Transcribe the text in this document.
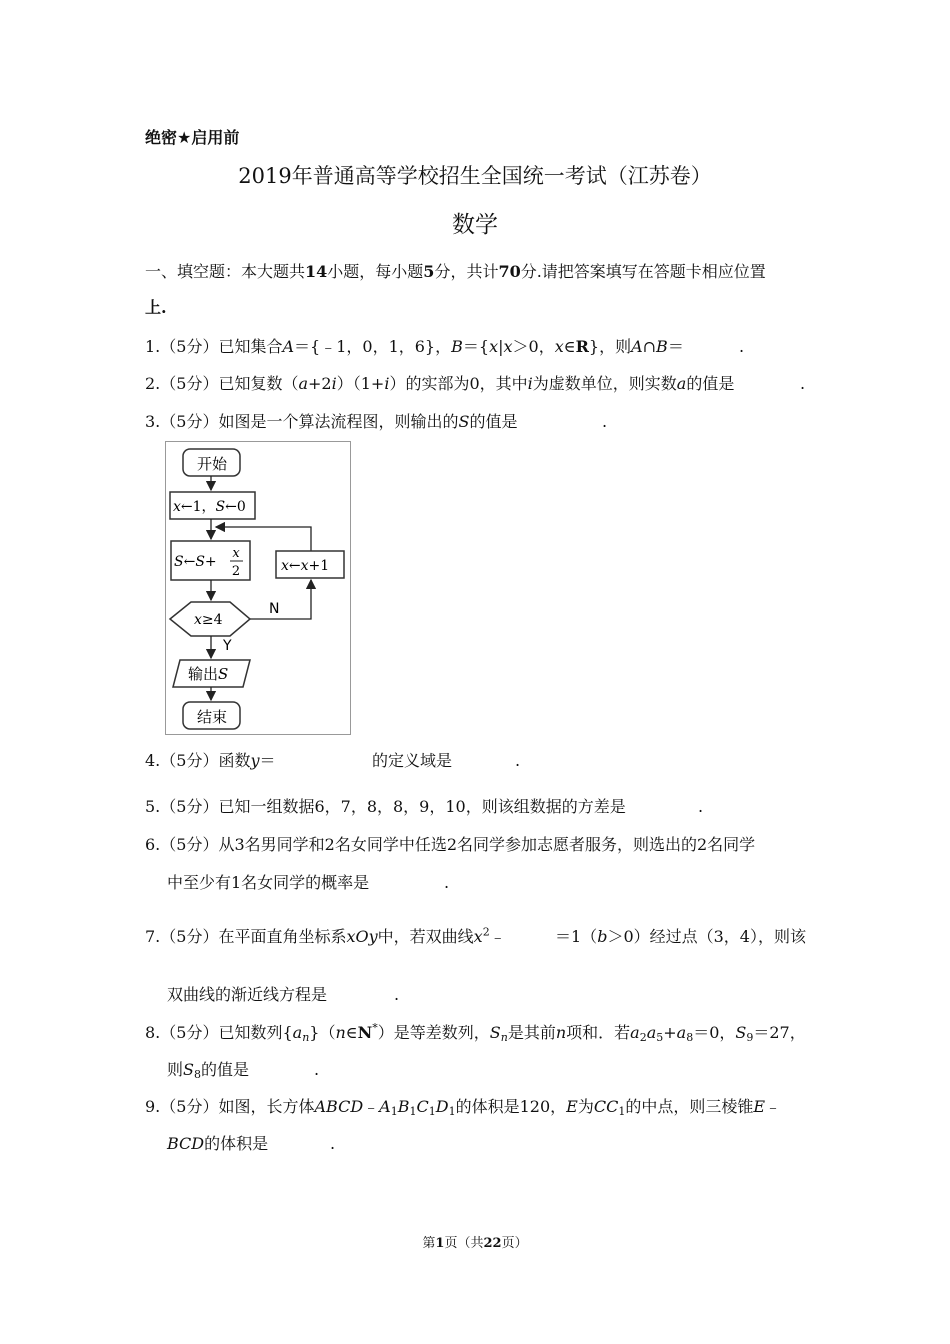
绝密★启用前
2019年普通高等学校招生全国统一考试（江苏卷）
数学
一、填空题：本大题共14小题，每小题5分，共计70分.请把答案填写在答题卡相应位置
上.
1.（5分）已知集合A＝{﹣1，0，1，6}，B＝{x|x＞0，x∈R}，则A∩B＝	.
2.（5分）已知复数（a+2i）（1+i）的实部为0，其中i为虚数单位，则实数a的值是	.
3.（5分）如图是一个算法流程图，则输出的S的值是	.
开始
x←1，S←0
S←S+
x
2	x←x+1
x≥4
N
Y
输出S
结束
4.（5分）函数y＝	的定义域是	.
5.（5分）已知一组数据6，7，8，8，9，10，则该组数据的方差是	.
6.（5分）从3名男同学和2名女同学中任选2名同学参加志愿者服务，则选出的2名同学
中至少有1名女同学的概率是	.
7.（5分）在平面直角坐标系xOy中，若双曲线$x^2﹣$	＝1（b＞0）经过点（3，4），则该
双曲线的渐近线方程是	.
8.（5分）已知数列$\{a_n\}(n\in N^*)$是等差数列，$S_n$是其前n项和．若$a_2a_5+a_8=0$，$S_9=27$，
则$S_8$的值是	.
9.（5分）如图，长方体$ABCD﹣A_1B_1C_1D_1$的体积是120，E为$CC_1$的中点，则三棱锥E﹣
BCD的体积是	.
第1页（共22页）
